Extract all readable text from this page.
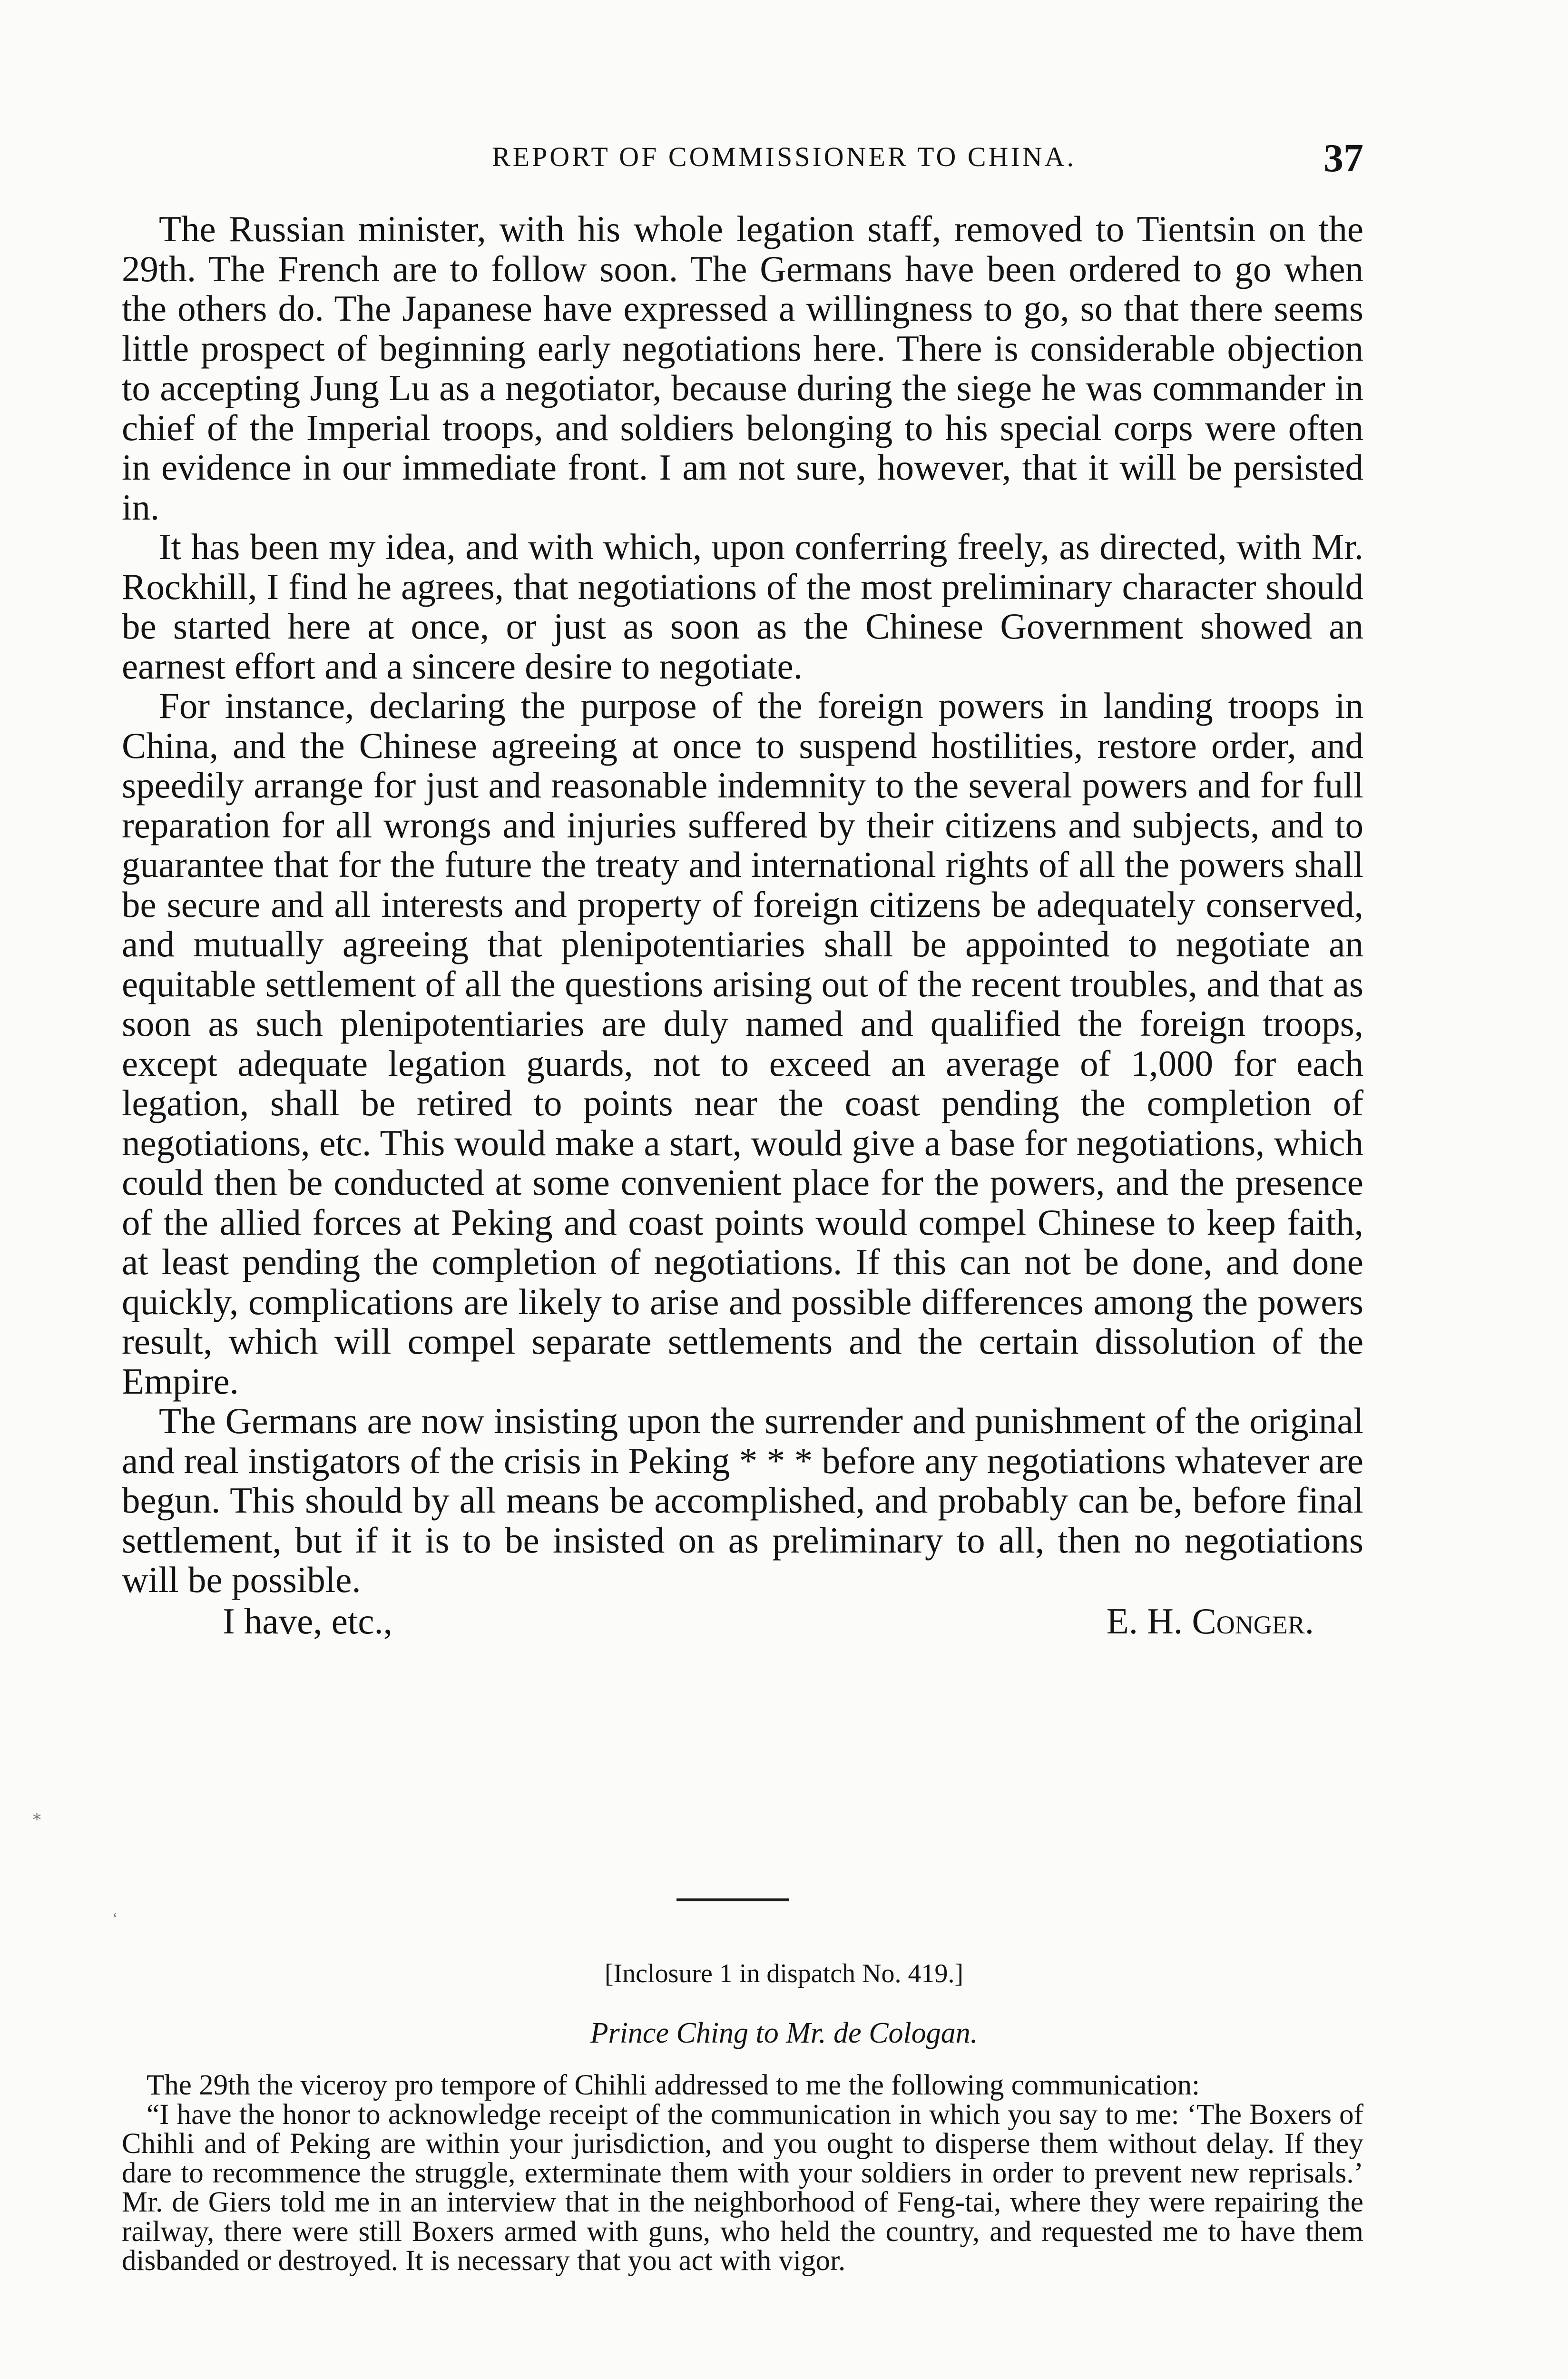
REPORT OF COMMISSIONER TO CHINA.	37

The Russian minister, with his whole legation staff, removed to Tientsin on the 29th. The French are to follow soon. The Germans have been ordered to go when the others do. The Japanese have expressed a willingness to go, so that there seems little prospect of beginning early negotiations here. There is considerable objection to accepting Jung Lu as a negotiator, because during the siege he was commander in chief of the Imperial troops, and soldiers belonging to his special corps were often in evidence in our immediate front. I am not sure, however, that it will be persisted in.

It has been my idea, and with which, upon conferring freely, as directed, with Mr. Rockhill, I find he agrees, that negotiations of the most preliminary character should be started here at once, or just as soon as the Chinese Government showed an earnest effort and a sincere desire to negotiate.

For instance, declaring the purpose of the foreign powers in landing troops in China, and the Chinese agreeing at once to suspend hostilities, restore order, and speedily arrange for just and reasonable indemnity to the several powers and for full reparation for all wrongs and injuries suffered by their citizens and subjects, and to guarantee that for the future the treaty and international rights of all the powers shall be secure and all interests and property of foreign citizens be adequately conserved, and mutually agreeing that plenipotentiaries shall be appointed to negotiate an equitable settlement of all the questions arising out of the recent troubles, and that as soon as such plenipotentiaries are duly named and qualified the foreign troops, except adequate legation guards, not to exceed an average of 1,000 for each legation, shall be retired to points near the coast pending the completion of negotiations, etc. This would make a start, would give a base for negotiations, which could then be conducted at some convenient place for the powers, and the presence of the allied forces at Peking and coast points would compel Chinese to keep faith, at least pending the completion of negotiations. If this can not be done, and done quickly, complications are likely to arise and possible differences among the powers result, which will compel separate settlements and the certain dissolution of the Empire.

The Germans are now insisting upon the surrender and punishment of the original and real instigators of the crisis in Peking * * * before any negotiations whatever are begun. This should by all means be accomplished, and probably can be, before final settlement, but if it is to be insisted on as preliminary to all, then no negotiations will be possible.

I have, etc.,	E. H. Conger.
[Inclosure 1 in dispatch No. 419.]
Prince Ching to Mr. de Cologan.

The 29th the viceroy pro tempore of Chihli addressed to me the following communication:

“I have the honor to acknowledge receipt of the communication in which you say to me: ‘The Boxers of Chihli and of Peking are within your jurisdiction, and you ought to disperse them without delay. If they dare to recommence the struggle, exterminate them with your soldiers in order to prevent new reprisals.’ Mr. de Giers told me in an interview that in the neighborhood of Feng-tai, where they were repairing the railway, there were still Boxers armed with guns, who held the country, and requested me to have them disbanded or destroyed. It is necessary that you act with vigor.

∗
‘
